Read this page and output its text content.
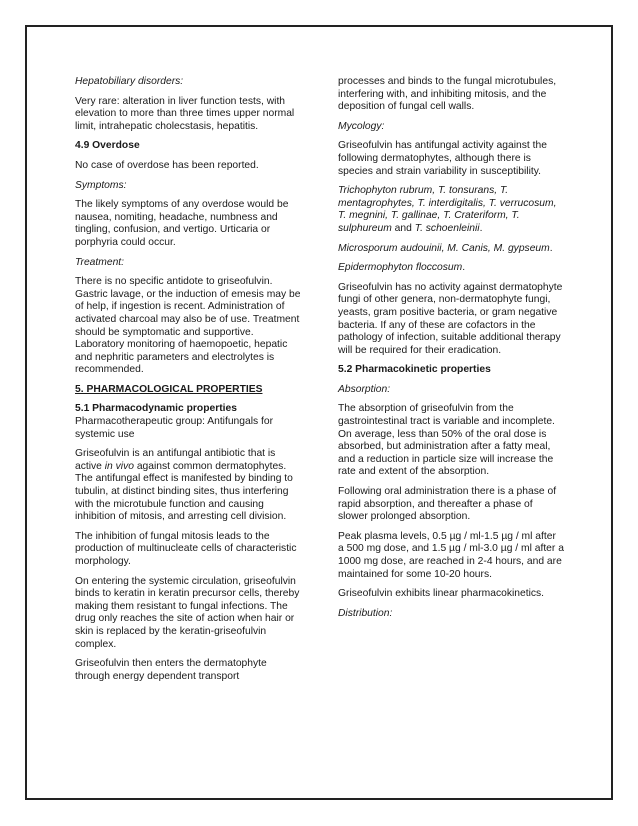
Hepatobiliary disorders:

Very rare: alteration in liver function tests, with elevation to more than three times upper normal limit, intrahepatic cholecstasis, hepatitis.

4.9 Overdose

No case of overdose has been reported.

Symptoms:

The likely symptoms of any overdose would be nausea, nomiting, headache, numbness and tingling, confusion, and vertigo. Urticaria or porphyria could occur.

Treatment:

There is no specific antidote to griseofulvin. Gastric lavage, or the induction of emesis may be of help, if ingestion is recent. Administration of activated charcoal may also be of use. Treatment should be symptomatic and supportive. Laboratory monitoring of haemopoetic, hepatic and nephritic parameters and electrolytes is recommended.

5. PHARMACOLOGICAL PROPERTIES

5.1 Pharmacodynamic properties

Pharmacotherapeutic group: Antifungals for systemic use

Griseofulvin is an antifungal antibiotic that is active in vivo against common dermatophytes. The antifungal effect is manifested by binding to tubulin, at distinct binding sites, thus interfering with the microtubule function and causing inhibition of mitosis, and arresting cell division.

The inhibition of fungal mitosis leads to the production of multinucleate cells of characteristic morphology.

On entering the systemic circulation, griseofulvin binds to keratin in keratin precursor cells, thereby making them resistant to fungal infections. The drug only reaches the site of action when hair or skin is replaced by the keratin-griseofulvin complex.

Griseofulvin then enters the dermatophyte through energy dependent transport

processes and binds to the fungal microtubules, interfering with, and inhibiting mitosis, and the deposition of fungal cell walls.

Mycology:

Griseofulvin has antifungal activity against the following dermatophytes, although there is species and strain variability in susceptibility.

Trichophyton rubrum, T. tonsurans, T. mentagrophytes, T. interdigitalis, T. verrucosum, T. megnini, T. gallinae, T. Crateriform, T. sulphureum and T. schoenleinii.

Microsporum audouinii, M. Canis, M. gypseum.

Epidermophyton floccosum.

Griseofulvin has no activity against dermatophyte fungi of other genera, non-dermatophyte fungi, yeasts, gram positive bacteria, or gram negative bacteria. If any of these are cofactors in the pathology of infection, suitable additional therapy will be required for their eradication.

5.2 Pharmacokinetic properties

Absorption:

The absorption of griseofulvin from the gastrointestinal tract is variable and incomplete. On average, less than 50% of the oral dose is absorbed, but administration after a fatty meal, and a reduction in particle size will increase the rate and extent of the absorption.

Following oral administration there is a phase of rapid absorption, and thereafter a phase of slower prolonged absorption.

Peak plasma levels, 0.5 µg / ml-1.5 µg / ml after a 500 mg dose, and 1.5 µg / ml-3.0 µg / ml after a 1000 mg dose, are reached in 2-4 hours, and are maintained for some 10-20 hours.

Griseofulvin exhibits linear pharmacokinetics.

Distribution:
